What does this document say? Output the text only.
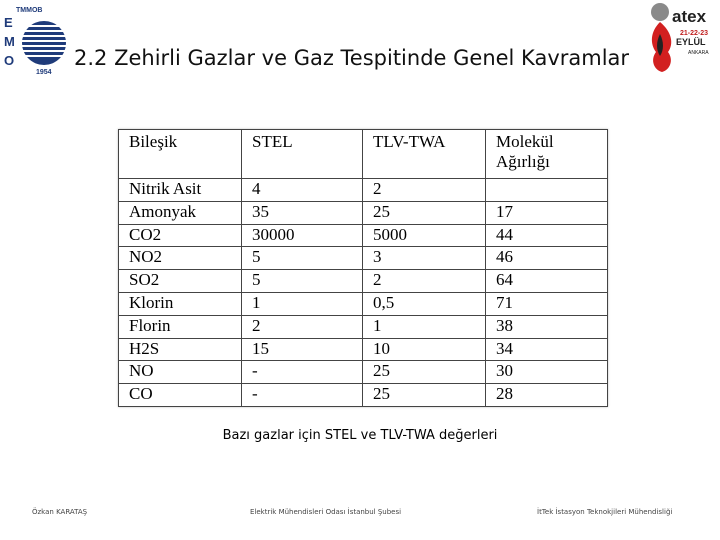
TMMOB
E
M
O
1954
2.2 Zehirli Gazlar ve Gaz Tespitinde Genel Kavramlar
atex
21-22-23
EYLÜL
ANKARA
Bileşik	STEL	TLV-TWA	Molekül Ağırlığı
Nitrik Asit	4	2	
Amonyak	35	25	17
CO2	30000	5000	44
NO2	5	3	46
SO2	5	2	64
Klorin	1	0,5	71
Florin	2	1	38
H2S	15	10	34
NO	-	25	30
CO	-	25	28
Bazı gazlar için STEL ve TLV-TWA değerleri
Özkan KARATAŞ	Elektrik Mühendisleri Odası İstanbul Şubesi	İtTek İstasyon Teknokjileri Mühendisliği
